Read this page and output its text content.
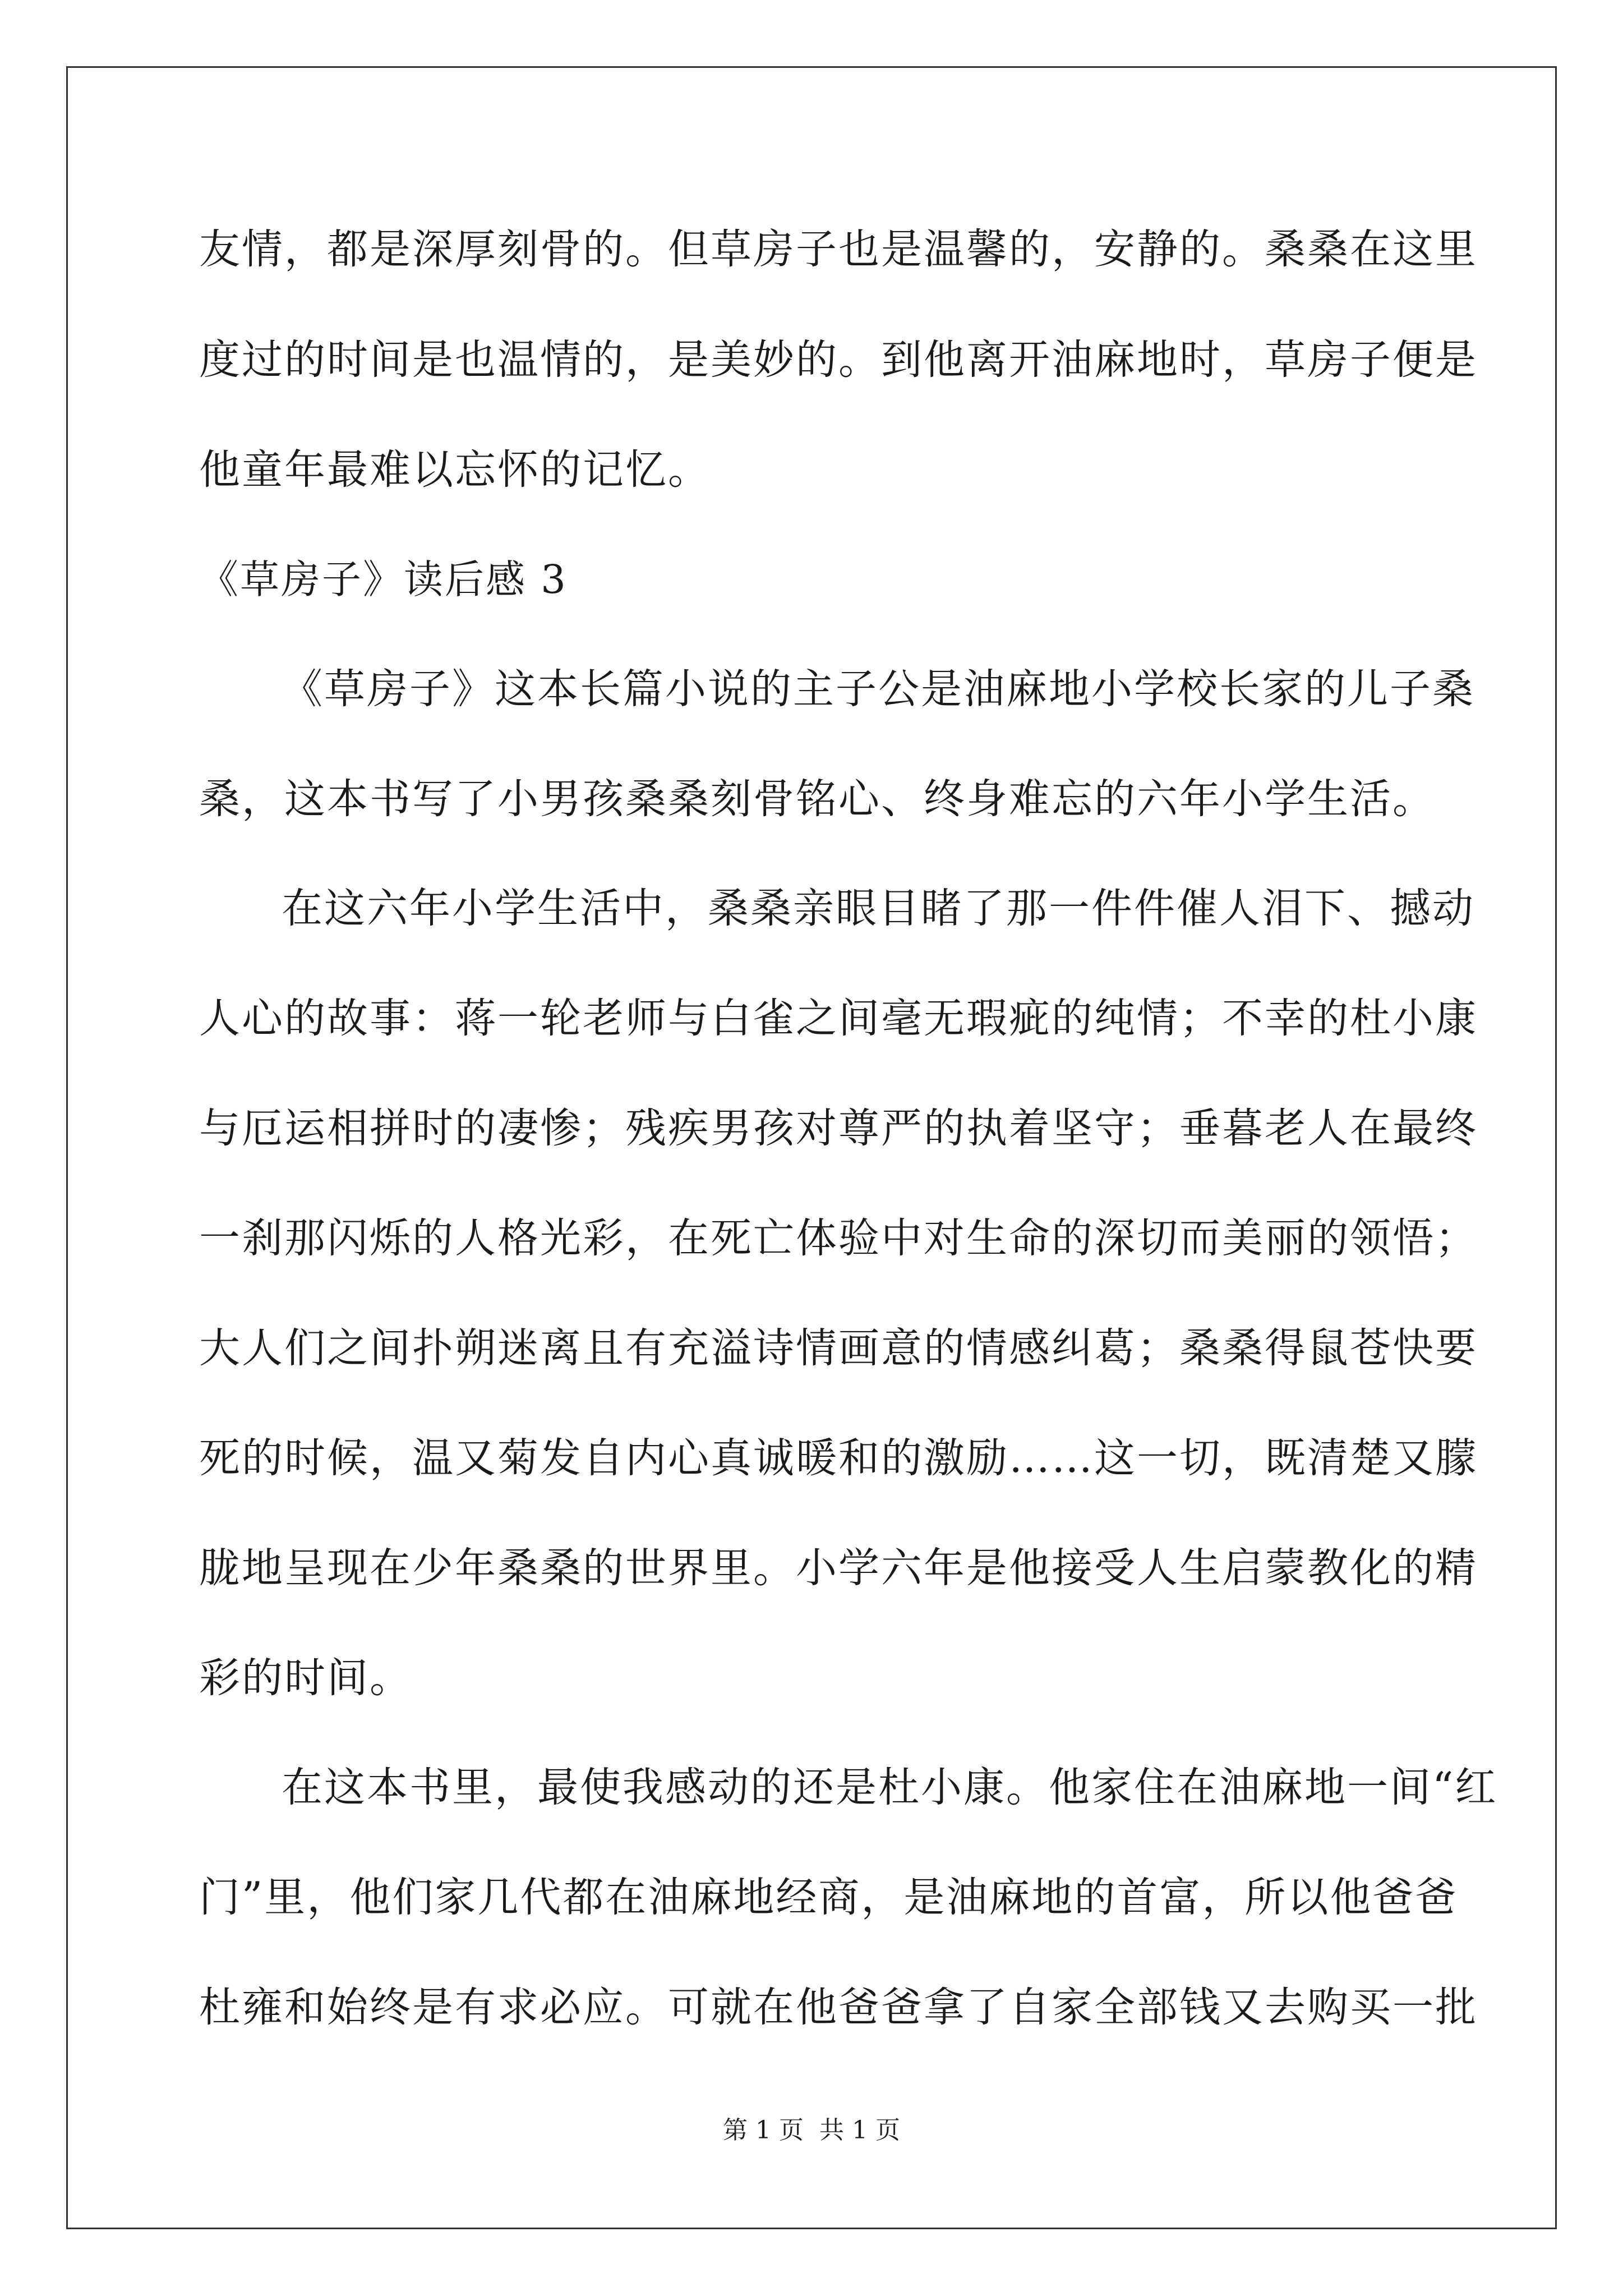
友情，都是深厚刻骨的。但草房子也是温馨的，安静的。桑桑在这里
度过的时间是也温情的，是美妙的。到他离开油麻地时，草房子便是
他童年最难以忘怀的记忆。
《草房子》读后感 3
《草房子》这本长篇小说的主子公是油麻地小学校长家的儿子桑
桑，这本书写了小男孩桑桑刻骨铭心、终身难忘的六年小学生活。
在这六年小学生活中，桑桑亲眼目睹了那一件件催人泪下、撼动
人心的故事：蒋一轮老师与白雀之间毫无瑕疵的纯情；不幸的杜小康
与厄运相拼时的凄惨；残疾男孩对尊严的执着坚守；垂暮老人在最终
一刹那闪烁的人格光彩，在死亡体验中对生命的深切而美丽的领悟；
大人们之间扑朔迷离且有充溢诗情画意的情感纠葛；桑桑得鼠苍快要
死的时候，温又菊发自内心真诚暖和的激励……这一切，既清楚又朦
胧地呈现在少年桑桑的世界里。小学六年是他接受人生启蒙教化的精
彩的时间。
在这本书里，最使我感动的还是杜小康。他家住在油麻地一间“红
门”里，他们家几代都在油麻地经商，是油麻地的首富，所以他爸爸
杜雍和始终是有求必应。可就在他爸爸拿了自家全部钱又去购买一批
第 1 页 共 1 页
